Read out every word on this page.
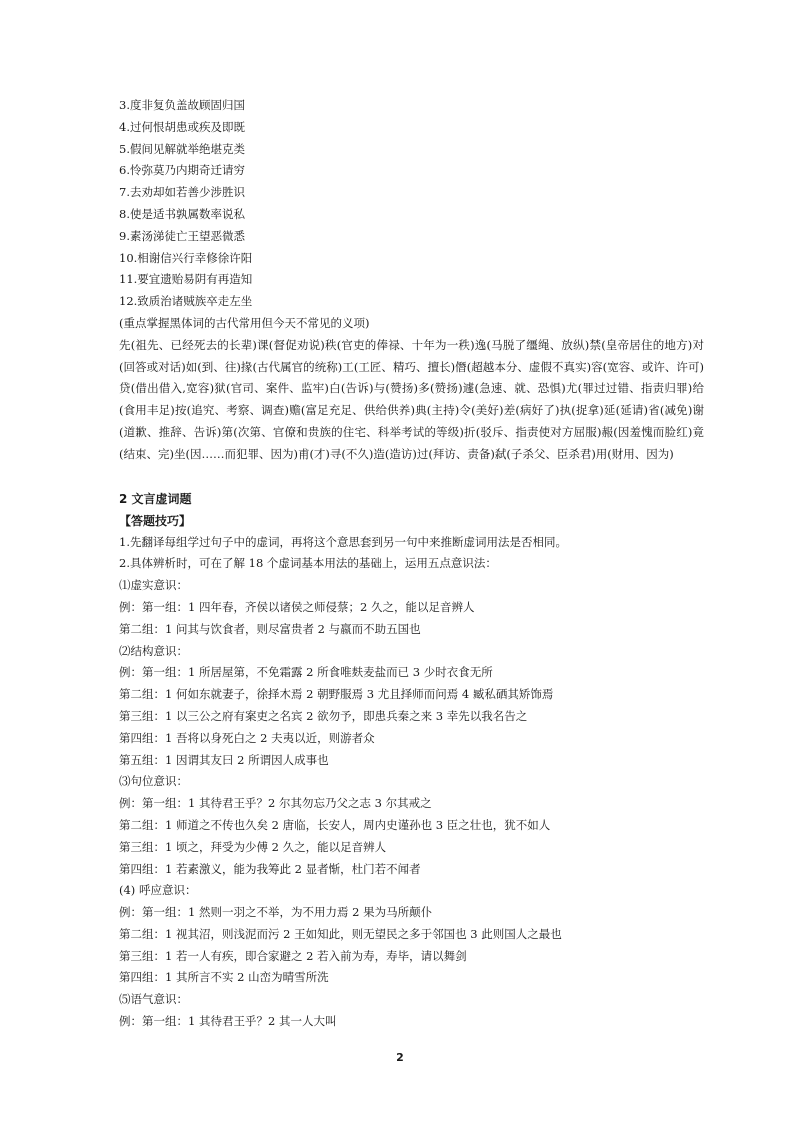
3.度非复负盖故顾固归国
4.过何恨胡患或疾及即既
5.假间见解就举绝堪克类
6.怜弥莫乃内期奇迁请穷
7.去劝却如若善少涉胜识
8.使是适书孰属数率说私
9.素汤涕徒亡王望恶微悉
10.相谢信兴行幸修徐许阳
11.要宜遗贻易阴有再造知
12.致质治诸贼族卒走左坐
(重点掌握黑体词的古代常用但今天不常见的义项)

先(祖先、已经死去的长辈)课(督促劝说)秩(官吏的俸禄、十年为一秩)逸(马脱了缰绳、放纵)禁(皇帝居住的地方)对(回答或对话)如(到、往)掾(古代属官的统称)工(工匠、精巧、擅长)僭(超越本分、虚假不真实)容(宽容、或许、许可)贷(借出借入,宽容)狱(官司、案件、监牢)白(告诉)与(赞扬)多(赞扬)遽(急速、就、恐惧)尤(罪过过错、指责归罪)给(食用丰足)按(追究、考察、调查)赡(富足充足、供给供养)典(主持)令(美好)差(病好了)执(捉拿)延(延请)省(减免)谢(道歉、推辞、告诉)第(次第、官僚和贵族的住宅、科举考试的等级)折(驳斥、指责使对方屈服)赧(因羞愧而脸红)竟(结束、完)坐(因……而犯罪、因为)甫(才)寻(不久)造(造访)过(拜访、责备)弑(子杀父、臣杀君)用(财用、因为)

2 文言虚词题
【答题技巧】
1.先翻译每组学过句子中的虚词，再将这个意思套到另一句中来推断虚词用法是否相同。
2.具体辨析时，可在了解 18 个虚词基本用法的基础上，运用五点意识法：
⑴虚实意识：
例：第一组：1 四年春，齐侯以诸侯之师侵蔡；2 久之，能以足音辨人
第二组：1 问其与饮食者，则尽富贵者 2 与嬴而不助五国也
⑵结构意识：
例：第一组：1 所居屋第，不免霜露 2 所食唯麸麦盐而已 3 少时衣食无所
第二组：1 何如东就妻子，徐择木焉 2 朝野服焉 3 尤且择师而问焉 4 臧私硒其矫饰焉
第三组：1 以三公之府有案吏之名宾 2 欲勿予，即患兵秦之来 3 幸先以我名告之
第四组：1 吾将以身死白之 2 夫夷以近，则游者众
第五组：1 因谓其友曰 2 所谓因人成事也
⑶句位意识：
例：第一组：1 其待君王乎？2 尔其勿忘乃父之志 3 尔其戒之
第二组：1 师道之不传也久矣 2 唐临，长安人，周内史谨孙也 3 臣之壮也，犹不如人
第三组：1 顷之，拜受为少傅 2 久之，能以足音辨人
第四组：1 若素激义，能为我筹此 2 显者惭，杜门若不闻者
(4) 呼应意识：
例：第一组：1 然则一羽之不举，为不用力焉 2 果为马所颠仆
第二组：1 视其沼，则浅泥而污 2 王如知此，则无望民之多于邻国也 3 此则国人之最也
第三组：1 若一人有疾，即合家避之 2 若入前为寿，寿毕，请以舞剑
第四组：1 其所言不实 2 山峦为晴雪所洗
⑸语气意识：
例：第一组：1 其待君王乎？2 其一人大叫
2
